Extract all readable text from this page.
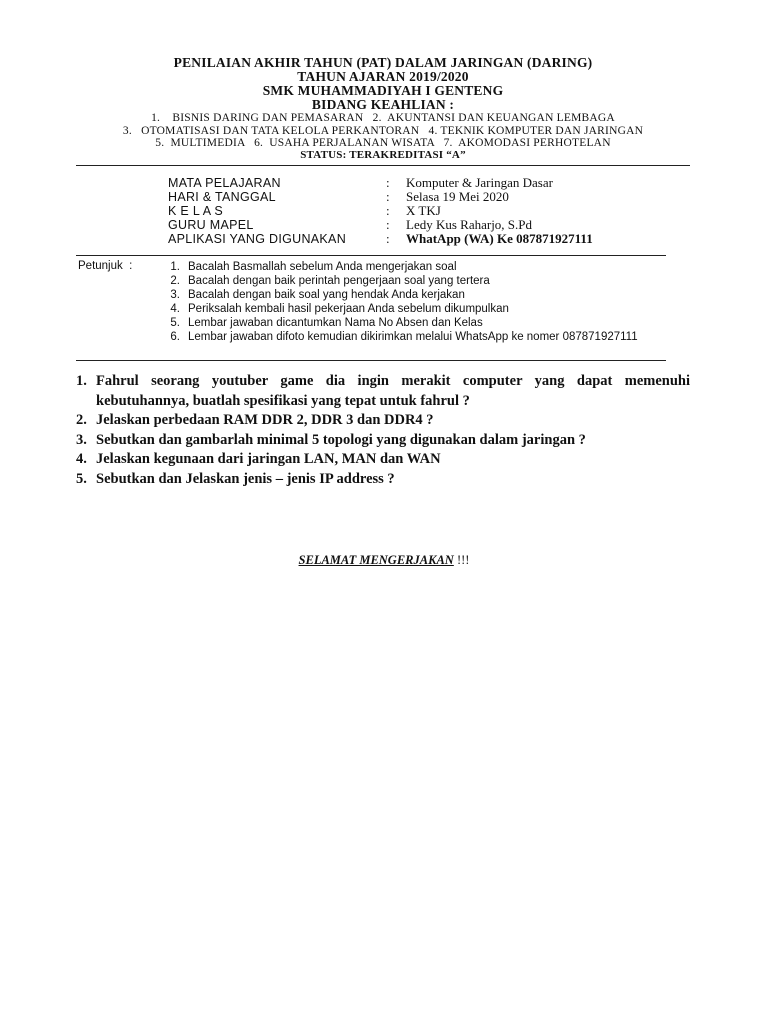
PENILAIAN AKHIR TAHUN (PAT) DALAM JARINGAN (DARING)
TAHUN AJARAN 2019/2020
SMK MUHAMMADIYAH I GENTENG
BIDANG KEAHLIAN :
1.    BISNIS DARING DAN PEMASARAN   2.  AKUNTANSI DAN KEUANGAN LEMBAGA
3.   OTOMATISASI DAN TATA KELOLA PERKANTORAN   4. TEKNIK KOMPUTER DAN JARINGAN
5.  MULTIMEDIA   6.  USAHA PERJALANAN WISATA   7.  AKOMODASI PERHOTELAN
STATUS: TERAKREDITASI “A”
MATA PELAJARAN	:	Komputer & Jaringan Dasar
HARI & TANGGAL	:	Selasa 19 Mei 2020
K E L A S	:	X TKJ
GURU MAPEL	:	Ledy Kus Raharjo, S.Pd
APLIKASI YANG DIGUNAKAN	:	WhatApp (WA) Ke 087871927111
Petunjuk  :	1. Bacalah Basmallah sebelum Anda mengerjakan soal
2. Bacalah dengan baik perintah pengerjaan soal yang tertera
3. Bacalah dengan baik soal yang hendak Anda kerjakan
4. Periksalah kembali hasil pekerjaan Anda sebelum dikumpulkan
5. Lembar jawaban dicantumkan Nama No Absen dan Kelas
6. Lembar jawaban difoto kemudian dikirimkan melalui WhatsApp ke nomer 087871927111
1. Fahrul seorang youtuber game dia ingin merakit computer yang dapat memenuhi kebutuhannya, buatlah spesifikasi yang tepat untuk fahrul ?
2. Jelaskan perbedaan RAM DDR 2, DDR 3 dan DDR4 ?
3. Sebutkan dan gambarlah minimal 5 topologi yang digunakan dalam jaringan ?
4. Jelaskan kegunaan dari jaringan LAN, MAN dan WAN
5. Sebutkan dan Jelaskan jenis – jenis IP address ?
SELAMAT MENGERJAKAN !!!
